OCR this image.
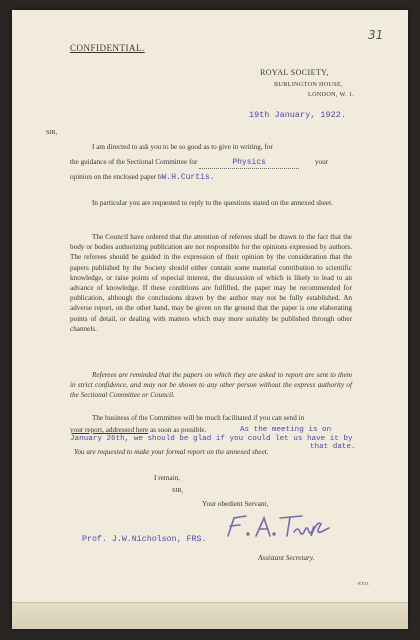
31
CONFIDENTIAL.
ROYAL SOCIETY,
BURLINGTON HOUSE,
LONDON, W. 1.
19th January, 1922.
SIR,
I am directed to ask you to be so good as to give in writing, for
the guidance of the Sectional Committee for	Physics	your
opinion on the enclosed paper bW.H.Curtis.
In particular you are requested to reply to the questions stated on the annexed sheet.
The Council have ordered that the attention of referees shall be drawn to the fact that the body or bodies authorizing publication are not responsible for the opinions expressed by authors. The referees should be guided in the expression of their opinion by the consideration that the papers published by the Society should either contain some material contribution to scientific knowledge, or raise points of especial interest, the discussion of which is likely to lead to an advance of knowledge. If these conditions are fulfilled, the paper may be recommended for publication, although the conclusions drawn by the author may not be fully established. An adverse report, on the other hand, may be given on the ground that the paper is one elaborating points of detail, or dealing with matters which may more suitably be published through other channels.
Referees are reminded that the papers on which they are asked to report are sent to them in strict confidence, and may not be shown to any other person without the express authority of the Sectional Committee or Council.
The business of the Committee will be much facilitated if you can send in
your report, addressed here as soon as possible.	As the meeting is on
January 26th, we should be glad if you could let us have it by
that date.
You are requested to make your formal report on the annexed sheet.
I remain,
SIR,
Your obedient Servant,
Prof. J.W.Nicholson, FRS.
Assistant Secretary.
P.T.O.
